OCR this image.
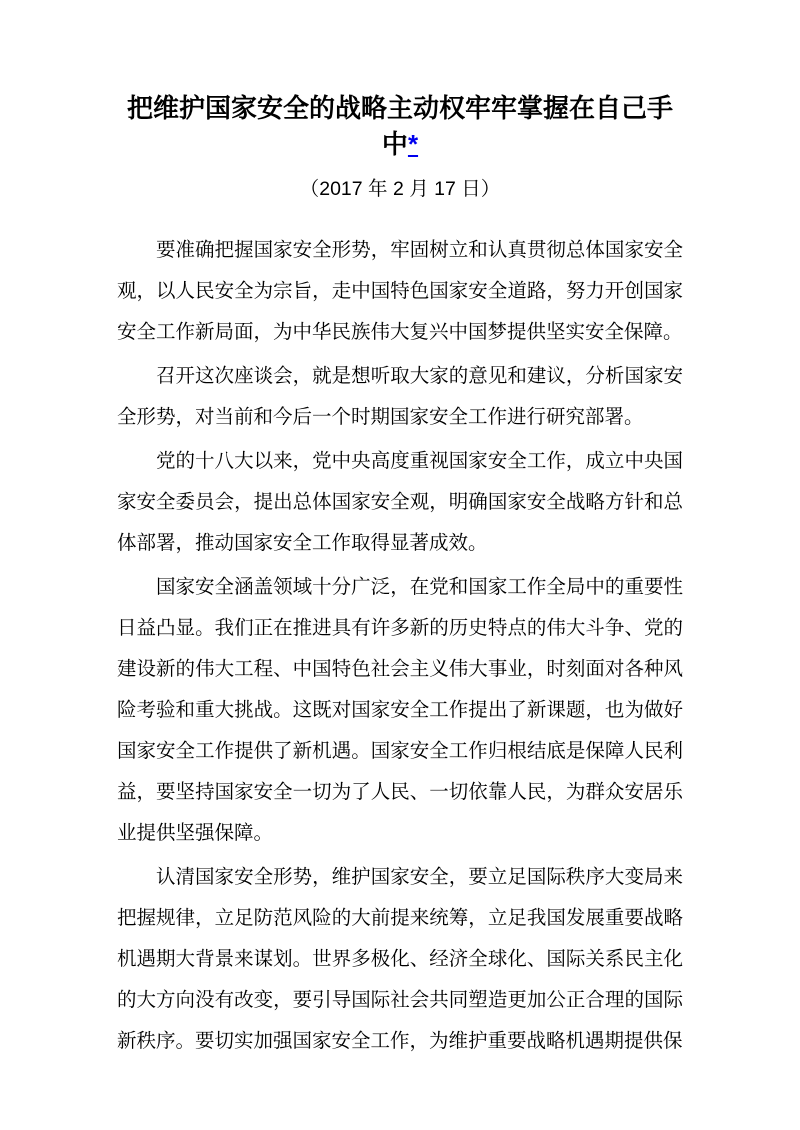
把维护国家安全的战略主动权牢牢掌握在自己手中*

（2017 年 2 月 17 日）

要准确把握国家安全形势，牢固树立和认真贯彻总体国家安全观，以人民安全为宗旨，走中国特色国家安全道路，努力开创国家安全工作新局面，为中华民族伟大复兴中国梦提供坚实安全保障。

召开这次座谈会，就是想听取大家的意见和建议，分析国家安全形势，对当前和今后一个时期国家安全工作进行研究部署。

党的十八大以来，党中央高度重视国家安全工作，成立中央国家安全委员会，提出总体国家安全观，明确国家安全战略方针和总体部署，推动国家安全工作取得显著成效。

国家安全涵盖领域十分广泛，在党和国家工作全局中的重要性日益凸显。我们正在推进具有许多新的历史特点的伟大斗争、党的建设新的伟大工程、中国特色社会主义伟大事业，时刻面对各种风险考验和重大挑战。这既对国家安全工作提出了新课题，也为做好国家安全工作提供了新机遇。国家安全工作归根结底是保障人民利益，要坚持国家安全一切为了人民、一切依靠人民，为群众安居乐业提供坚强保障。

认清国家安全形势，维护国家安全，要立足国际秩序大变局来把握规律，立足防范风险的大前提来统筹，立足我国发展重要战略机遇期大背景来谋划。世界多极化、经济全球化、国际关系民主化的大方向没有改变，要引导国际社会共同塑造更加公正合理的国际新秩序。要切实加强国家安全工作，为维护重要战略机遇期提供保
